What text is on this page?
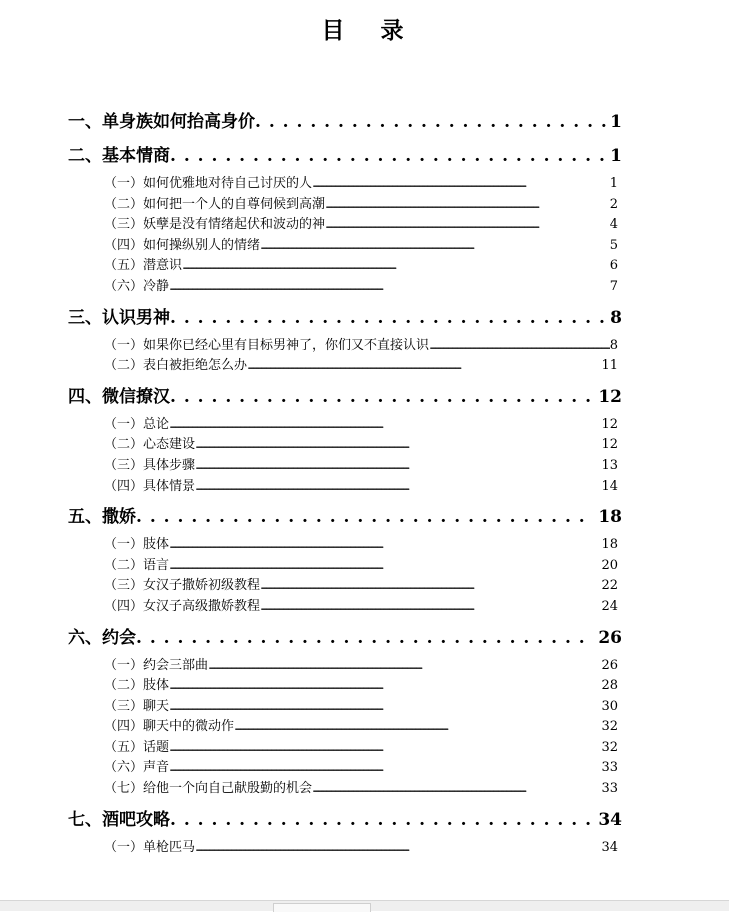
目 录
一、单身族如何抬高身价 . . .	1
二、基本情商 . . .	1
（一）如何优雅地对待自己讨厌的人 .....	1
（二）如何把一个人的自尊伺候到高潮 .....	2
（三）妖孽是没有情绪起伏和波动的神 .....	4
（四）如何操纵别人的情绪 .....	5
（五）潜意识 .....	6
（六）冷静 .....	7
三、认识男神 . . .	8
（一）如果你已经心里有目标男神了，你们又不直接认识 .....	8
（二）表白被拒绝怎么办 .....	11
四、微信撩汉 . . .	12
（一）总论 .....	12
（二）心态建设 .....	12
（三）具体步骤 .....	13
（四）具体情景 .....	14
五、撒娇 . . .	18
（一）肢体 .....	18
（二）语言 .....	20
（三）女汉子撒娇初级教程 .....	22
（四）女汉子高级撒娇教程 .....	24
六、约会 . . .	26
（一）约会三部曲 .....	26
（二）肢体 .....	28
（三）聊天 .....	30
（四）聊天中的微动作 .....	32
（五）话题 .....	32
（六）声音 .....	33
（七）给他一个向自己献殷勤的机会 .....	33
七、酒吧攻略 . . .	34
（一）单枪匹马 .....	34
